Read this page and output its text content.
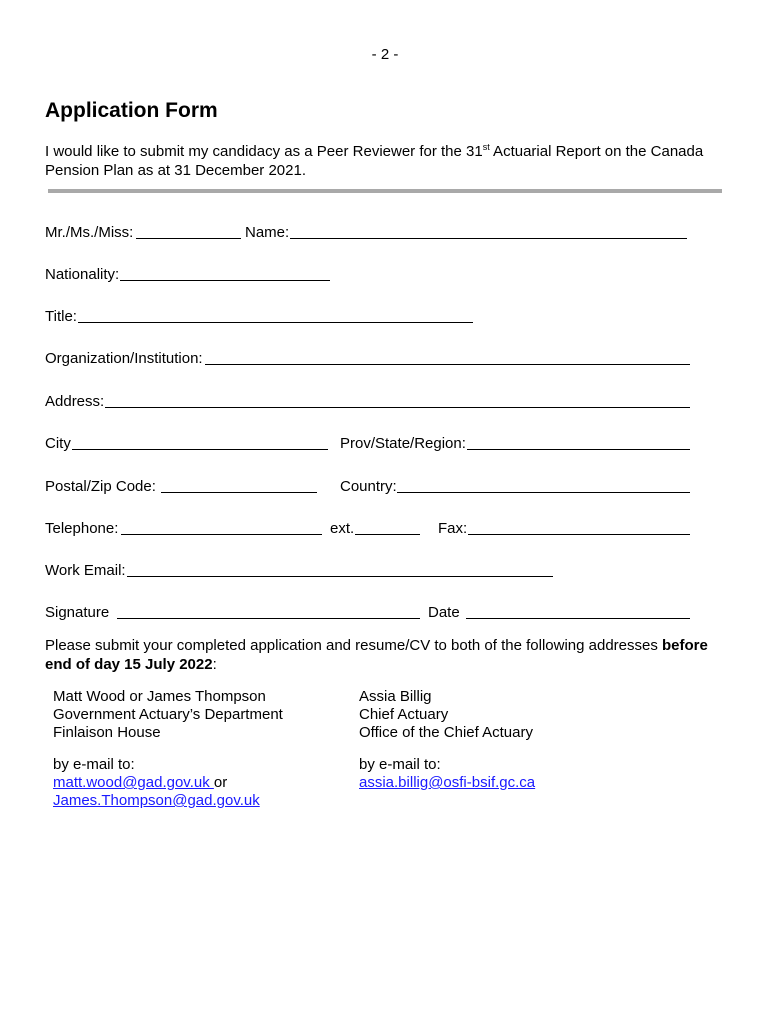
- 2 -
Application Form
I would like to submit my candidacy as a Peer Reviewer for the 31st Actuarial Report on the Canada Pension Plan as at 31 December 2021.
Mr./Ms./Miss:	Name:
Nationality:
Title:
Organization/Institution:
Address:
City	Prov/State/Region:
Postal/Zip Code:	Country:
Telephone:	ext.	Fax:
Work Email:
Signature	Date
Please submit your completed application and resume/CV to both of the following addresses before end of day 15 July 2022:
Matt Wood or James Thompson
Government Actuary’s Department
Finlaison House
by e-mail to:
matt.wood@gad.gov.uk or
James.Thompson@gad.gov.uk
Assia Billig
Chief Actuary
Office of the Chief Actuary
by e-mail to:
assia.billig@osfi-bsif.gc.ca
